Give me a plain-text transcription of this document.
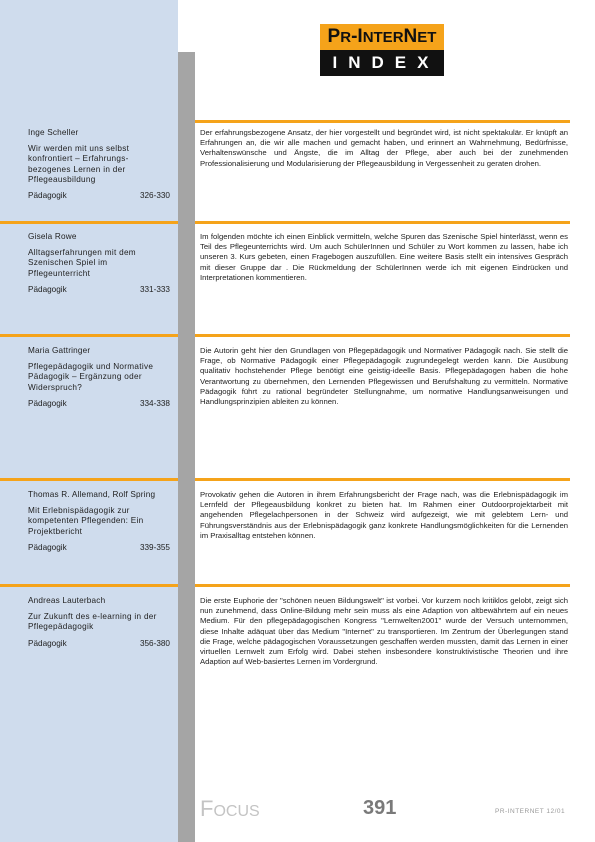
P R - I NTER N ET
INDEX
Inge Scheller
Wir werden mit uns selbst konfrontiert – Erfahrungs-bezogenes Lernen in der Pflegeausbildung
Pädagogik	326-330
Der erfahrungsbezogene Ansatz, der hier vorgestellt und begründet wird, ist nicht spektakulär. Er knüpft an Erfahrungen an, die wir alle machen und gemacht haben, und erinnert an Wahrnehmung, Bedürfnisse, Verhaltenswünsche und Ängste, die im Alltag der Pflege, aber auch bei der zunehmenden Professionalisierung und Modularisierung der Pflegeausbildung in Vergessenheit zu geraten drohen.
Gisela Rowe
Alltagserfahrungen mit dem Szenischen Spiel im Pflegeunterricht
Pädagogik	331-333
Im folgenden möchte ich einen Einblick vermitteln, welche Spuren das Szenische Spiel hinterlässt, wenn es Teil des Pflegeunterrichts wird. Um auch SchülerInnen und Schüler zu Wort kommen zu lassen, habe ich unseren 3. Kurs gebeten, einen Fragebogen auszufüllen. Eine weitere Basis stellt ein intensives Gespräch mit dieser Gruppe dar . Die Rückmeldung der SchülerInnen werde ich mit eigenen Eindrücken und Interpretationen kommentieren.
Maria Gattringer
Pflegepädagogik und Normative Pädagogik – Ergänzung oder Widerspruch?
Pädagogik	334-338
Die Autorin geht hier den Grundlagen von Pflegepädagogik und Normativer Pädagogik nach. Sie stellt die Frage, ob Normative Pädagogik einer Pflegepädagogik zugrundegelegt werden kann. Die Ausübung qualitativ hochstehender Pflege benötigt eine geistig-ideelle Basis. Pflegepädagogen haben die hohe Verantwortung zu übernehmen, den Lernenden Pflegewissen und Berufshaltung zu vermitteln. Normative Pädagogik führt zu rational begründeter Stellungnahme, um normative Handlungsanweisungen und Handlungsprinzipien ableiten zu können.
Thomas R. Allemand, Rolf Spring
Mit Erlebnispädagogik zur kompetenten Pflegenden: Ein Projektbericht
Pädagogik	339-355
Provokativ gehen die Autoren in ihrem Erfahrungsbericht der Frage nach, was die Erlebnispädagogik im Lernfeld der Pflegeausbildung konkret zu bieten hat. Im Rahmen einer Outdoorprojektarbeit mit angehenden Pflegelachpersonen in der Schweiz wird aufgezeigt, wie mit gelebtem Lern- und Führungsverständnis aus der Erlebnispädagogik ganz konkrete Handlungsmöglichkeiten für die Lernenden im Praxisalltag entstehen können.
Andreas Lauterbach
Zur Zukunft des e-learning in der Pflegepädagogik
Pädagogik	356-380
Die erste Euphorie der "schönen neuen Bildungswelt" ist vorbei. Vor kurzem noch kritiklos gelobt, zeigt sich nun zunehmend, dass Online-Bildung mehr sein muss als eine Adaption von altbewährtem auf ein neues Medium. Für den pflegepädagogischen Kongress "Lernwelten2001" wurde der Versuch unternommen, diese Inhalte adäquat über das Medium "Internet" zu transportieren. Im Zentrum der Überlegungen stand die Frage, welche pädagogischen Voraussetzungen geschaffen werden mussten, damit das Lernen in einer virtuellen Lernwelt zum Erfolg wird. Dabei stehen insbesondere konstruktivistische Theorien und ihre Adaption auf Web-basiertes Lernen im Vordergrund.
FOCUS	391	PR-INTERNET 12/01
